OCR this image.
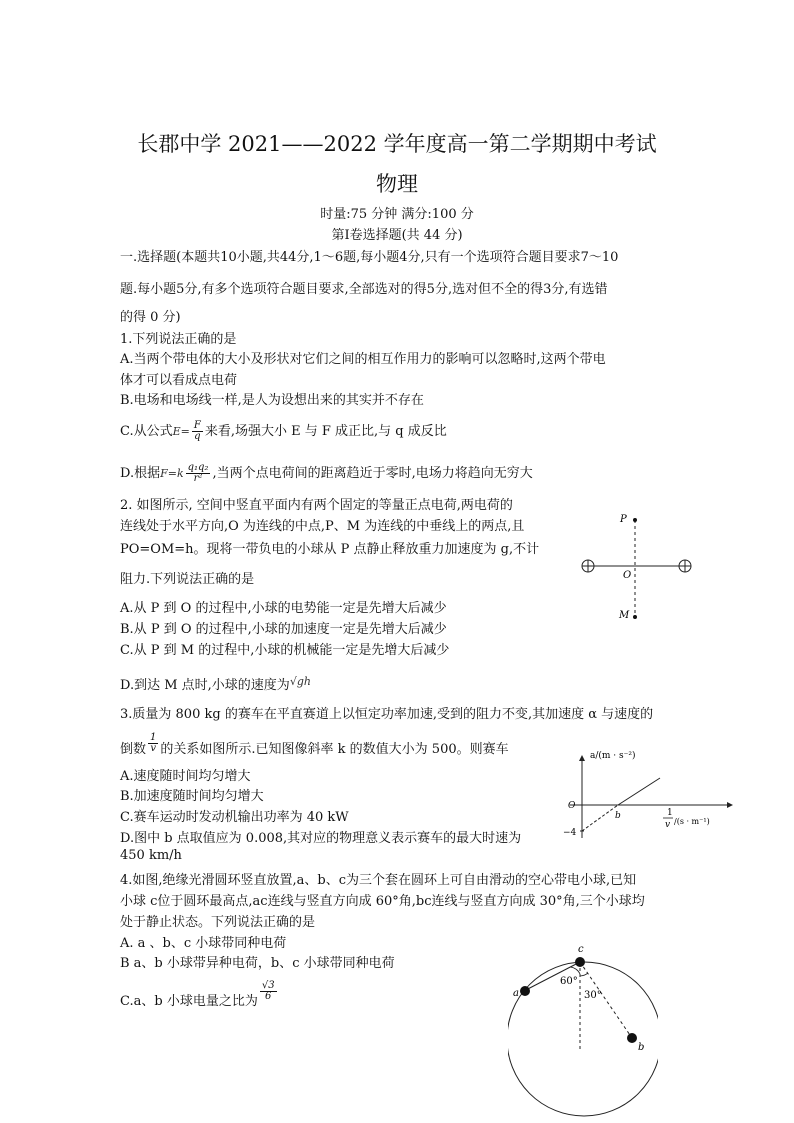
长郡中学 2021——2022 学年度高一第二学期期中考试
物理
时量:75 分钟 满分:100 分
第Ⅰ卷选择题(共 44 分)
一.选择题(本题共10小题,共44分,1～6题,每小题4分,只有一个选项符合题目要求7～10
题.每小题5分,有多个选项符合题目要求,全部选对的得5分,选对但不全的得3分,有选错
的得 0 分)
1.下列说法正确的是
A.当两个带电体的大小及形状对它们之间的相互作用力的影响可以忽略时,这两个带电
体才可以看成点电荷
B.电场和电场线一样,是人为设想出来的其实并不存在
C.从公式$E= \frac{F}{q}$ 来看,场强大小 E 与 F 成正比,与 q 成反比
D.根据$F=k \frac{\text{q₁q₂}}{\text{r²}}$ ,当两个点电荷间的距离趋近于零时,电场力将趋向无穷大
2. 如图所示, 空间中竖直平面内有两个固定的等量正点电荷,两电荷的
连线处于水平方向,O 为连线的中点,P、M 为连线的中垂线上的两点,且
PO=OM=h。现将一带负电的小球从 P 点静止释放重力加速度为 g,不计
阻力.下列说法正确的是
A.从 P 到 O 的过程中,小球的电势能一定是先增大后减少
B.从 P 到 O 的过程中,小球的加速度一定是先增大后减少
C.从 P 到 M 的过程中,小球的机械能一定是先增大后减少
D.到达 M 点时,小球的速度为$^{√gh}$
P
O
M
3.质量为 800 kg 的赛车在平直赛道上以恒定功率加速,受到的阻力不变,其加速度 α 与速度的
倒数 $\frac{1}{v}$ 的关系如图所示.已知图像斜率 k 的数值大小为 500。则赛车
A.速度随时间均匀增大
B.加速度随时间均匀增大
C.赛车运动时发动机输出功率为 40 kW
D.图中 b 点取值应为 0.008,其对应的物理意义表示赛车的最大时速为
450 km/h
a/(m · s⁻²)
O
−4
b	1
v /(s · m⁻¹)
4.如图,绝缘光滑圆环竖直放置,a、b、c为三个套在圆环上可自由滑动的空心带电小球,已知
小球 c位于圆环最高点,ac连线与竖直方向成 60°角,bc连线与竖直方向成 30°角,三个小球均
处于静止状态。下列说法正确的是
A. a 、b、c 小球带同种电荷
B a、b 小球带异种电荷，b、c 小球带同种电荷
C.a、b 小球电量之比为 $\frac{√3}{6}$
c
a
b
60°
30°
